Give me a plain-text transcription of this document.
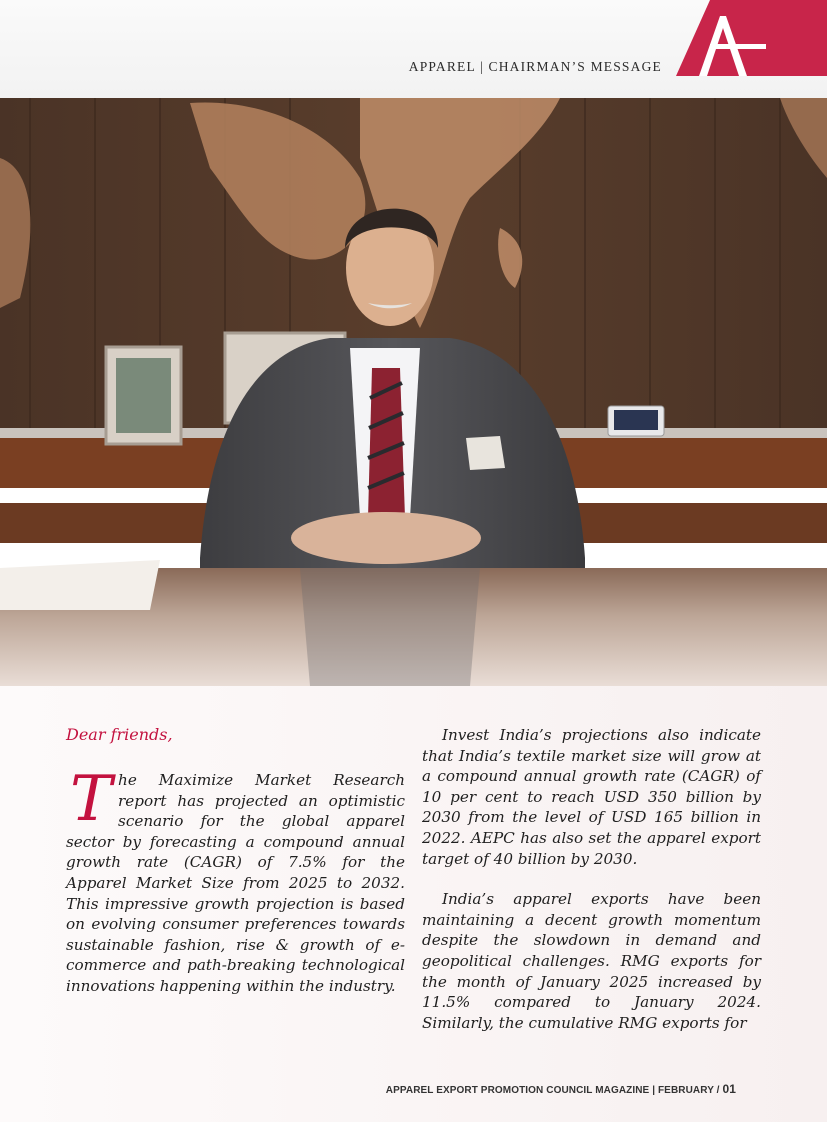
APPAREL | CHAIRMAN’S MESSAGE

Dear friends,

The Maximize Market Research report has projected an optimistic scenario for the global apparel sector by forecasting a compound annual growth rate (CAGR) of 7.5% for the Apparel Market Size from 2025 to 2032. This impressive growth projection is based on evolving consumer preferences towards sustainable fashion, rise & growth of e-commerce and path-breaking technological innovations happening within the industry.

Invest India’s projections also indicate that India’s textile market size will grow at a compound annual growth rate (CAGR) of 10 per cent to reach USD 350 billion by 2030 from the level of USD 165 billion in 2022. AEPC has also set the apparel export target of 40 billion by 2030.

India’s apparel exports have been maintaining a decent growth momentum despite the slowdown in demand and geopolitical challenges. RMG exports for the month of January 2025 increased by 11.5% compared to January 2024. Similarly, the cumulative RMG exports for

APPAREL EXPORT PROMOTION COUNCIL MAGAZINE | FEBRUARY / 01
